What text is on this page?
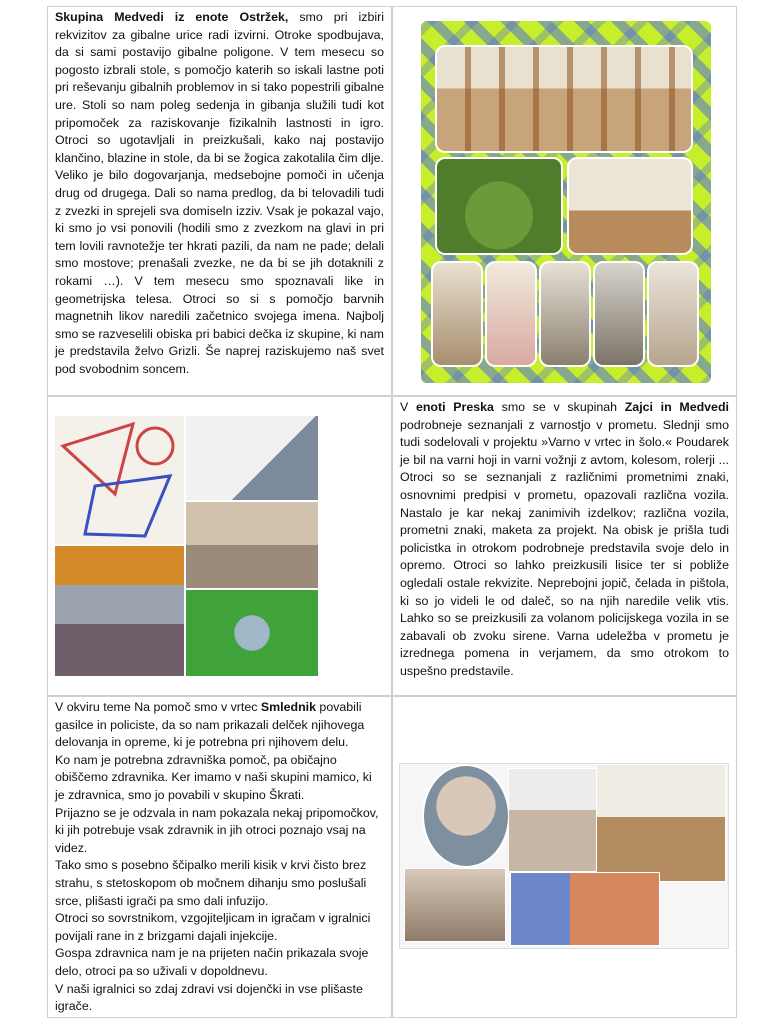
Skupina Medvedi iz enote Ostržek, smo pri izbiri rekvizitov za gibalne urice radi izvirni. Otroke spodbujava, da si sami postavijo gibalne poligone. V tem mesecu so pogosto izbrali stole, s pomočjo katerih so iskali lastne poti pri reševanju gibalnih problemov in si tako popestrili gibalne ure. Stoli so nam poleg sedenja in gibanja služili tudi kot pripomoček za raziskovanje fizikalnih lastnosti in igro. Otroci so ugotavljali in preizkušali, kako naj postavijo klančino, blazine in stole, da bi se žogica zakotalila čim dlje. Veliko je bilo dogovarjanja, medsebojne pomoči in učenja drug od drugega. Dali so nama predlog, da bi telovadili tudi z zvezki in sprejeli sva domiseln izziv. Vsak je pokazal vajo, ki smo jo vsi ponovili (hodili smo z zvezkom na glavi in pri tem lovili ravnotežje ter hkrati pazili, da nam ne pade; delali smo mostove; prenašali zvezke, ne da bi se jih dotaknili z rokami …). V tem mesecu smo spoznavali like in geometrijska telesa. Otroci so si s pomočjo barvnih magnetnih likov naredili začetnico svojega imena. Najbolj smo se razveselili obiska pri babici dečka iz skupine, ki nam je predstavila želvo Grizli. Še naprej raziskujemo naš svet pod svobodnim soncem.

V enoti Preska smo se v skupinah Zajci in Medvedi podrobneje seznanjali z varnostjo v prometu. Slednji smo tudi sodelovali v projektu »Varno v vrtec in šolo.« Poudarek je bil na varni hoji in varni vožnji z avtom, kolesom, rolerji ... Otroci so se seznanjali z različnimi prometnimi znaki, osnovnimi predpisi v prometu, opazovali različna vozila. Nastalo je kar nekaj zanimivih izdelkov; različna vozila, prometni znaki, maketa za projekt. Na obisk je prišla tudi policistka in otrokom podrobneje predstavila svoje delo in opremo. Otroci so lahko preizkusili lisice ter si pobliže ogledali ostale rekvizite. Neprebojni jopič, čelada in pištola, ki so jo videli le od daleč, so na njih naredile velik vtis. Lahko so se preizkusili za volanom policijskega vozila in se zabavali ob zvoku sirene. Varna udeležba v prometu je izrednega pomena in verjamem, da smo otrokom to uspešno predstavile.

V okviru teme Na pomoč smo v vrtec Smlednik povabili gasilce in policiste, da so nam prikazali delček njihovega delovanja in opreme, ki je potrebna pri njihovem delu.

Ko nam je potrebna zdravniška pomoč, pa običajno obiščemo zdravnika. Ker imamo v naši skupini mamico, ki je zdravnica, smo jo povabili v skupino Škrati.

Prijazno se je odzvala in nam pokazala nekaj pripomočkov, ki jih potrebuje vsak zdravnik in jih otroci poznajo vsaj na videz.

Tako smo s posebno ščipalko merili kisik v krvi čisto brez strahu, s stetoskopom ob močnem dihanju smo poslušali srce, plišasti igrači pa smo dali infuzijo.

Otroci so sovrstnikom, vzgojiteljicam in igračam v igralnici povijali rane in z brizgami dajali injekcije.

Gospa zdravnica nam je na prijeten način prikazala svoje delo, otroci pa so uživali v dopoldnevu.

V naši igralnici so zdaj zdravi vsi dojenčki in vse plišaste igrače.
